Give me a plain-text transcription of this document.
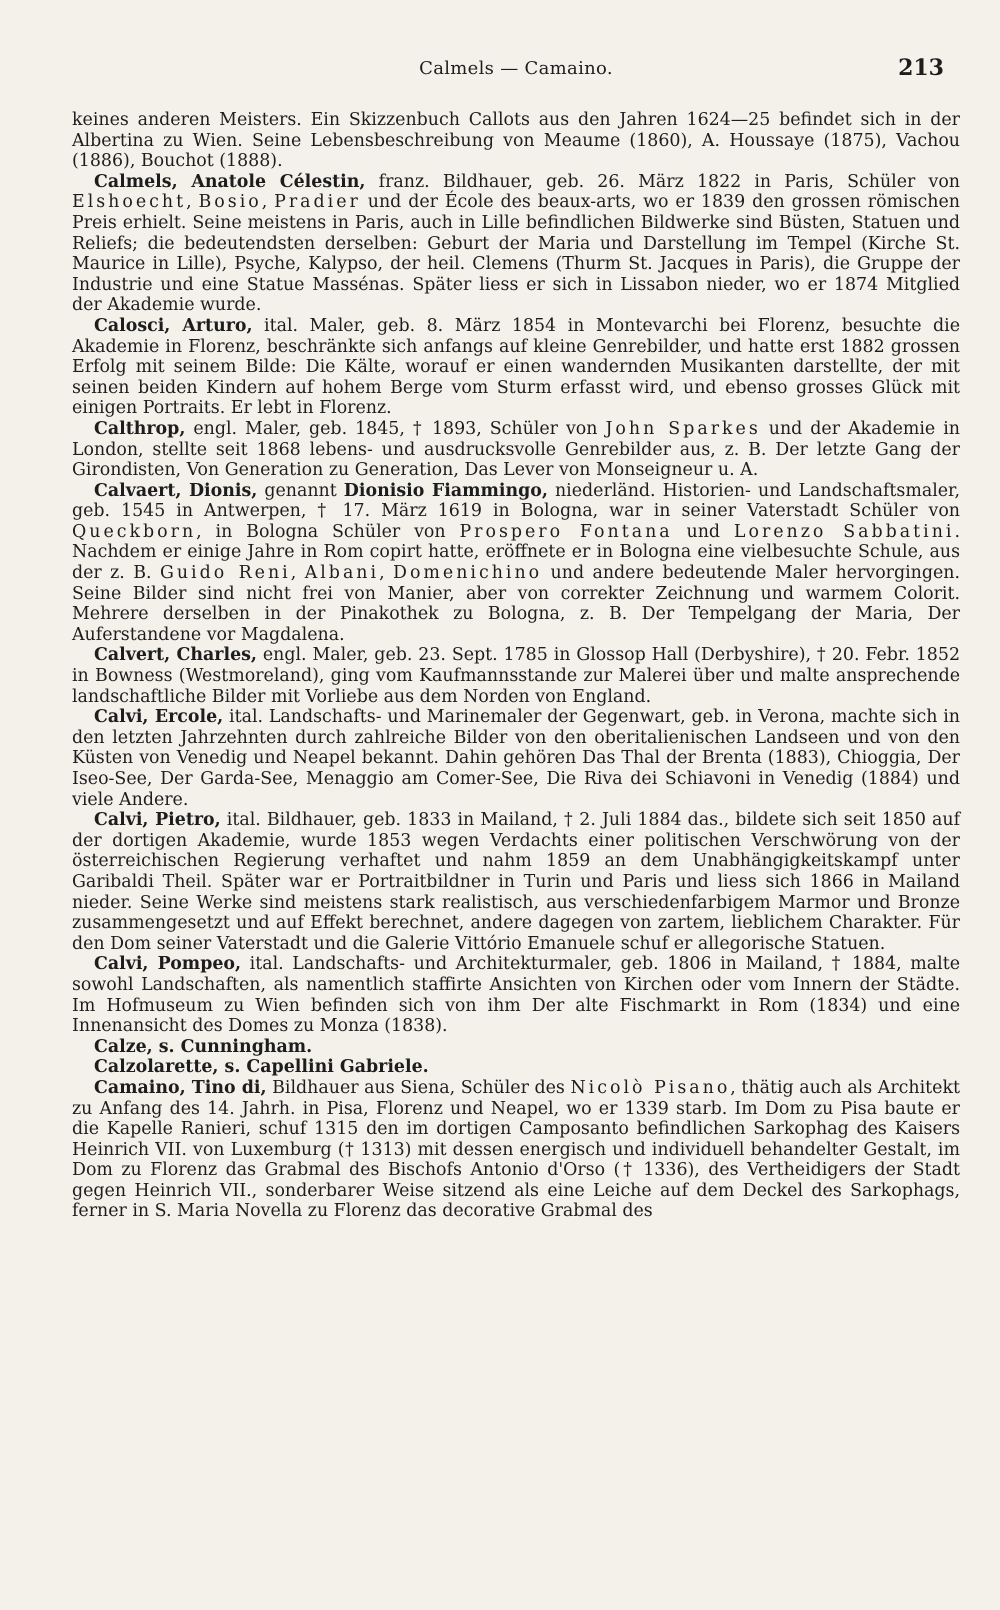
Calmels — Camaino.	213

keines anderen Meisters. Ein Skizzenbuch Callots aus den Jahren 1624—25 befindet sich in der Albertina zu Wien. Seine Lebensbeschreibung von Meaume (1860), A. Houssaye (1875), Vachou (1886), Bouchot (1888).

Calmels, Anatole Célestin, franz. Bildhauer, geb. 26. März 1822 in Paris, Schüler von Elshoecht, Bosio, Pradier und der École des beaux-arts, wo er 1839 den grossen römischen Preis erhielt. Seine meistens in Paris, auch in Lille befindlichen Bildwerke sind Büsten, Statuen und Reliefs; die bedeutendsten derselben: Geburt der Maria und Darstellung im Tempel (Kirche St. Maurice in Lille), Psyche, Kalypso, der heil. Clemens (Thurm St. Jacques in Paris), die Gruppe der Industrie und eine Statue Massénas. Später liess er sich in Lissabon nieder, wo er 1874 Mitglied der Akademie wurde.

Calosci, Arturo, ital. Maler, geb. 8. März 1854 in Montevarchi bei Florenz, besuchte die Akademie in Florenz, beschränkte sich anfangs auf kleine Genrebilder, und hatte erst 1882 grossen Erfolg mit seinem Bilde: Die Kälte, worauf er einen wandernden Musikanten darstellte, der mit seinen beiden Kindern auf hohem Berge vom Sturm erfasst wird, und ebenso grosses Glück mit einigen Portraits. Er lebt in Florenz.

Calthrop, engl. Maler, geb. 1845, † 1893, Schüler von John Sparkes und der Akademie in London, stellte seit 1868 lebens- und ausdrucksvolle Genrebilder aus, z. B. Der letzte Gang der Girondisten, Von Generation zu Generation, Das Lever von Monseigneur u. A.

Calvaert, Dionis, genannt Dionisio Fiammingo, niederländ. Historien- und Landschaftsmaler, geb. 1545 in Antwerpen, † 17. März 1619 in Bologna, war in seiner Vaterstadt Schüler von Queckborn, in Bologna Schüler von Prospero Fontana und Lorenzo Sabbatini. Nachdem er einige Jahre in Rom copirt hatte, eröffnete er in Bologna eine vielbesuchte Schule, aus der z. B. Guido Reni, Albani, Domenichino und andere bedeutende Maler hervorgingen. Seine Bilder sind nicht frei von Manier, aber von correkter Zeichnung und warmem Colorit. Mehrere derselben in der Pinakothek zu Bologna, z. B. Der Tempelgang der Maria, Der Auferstandene vor Magdalena.

Calvert, Charles, engl. Maler, geb. 23. Sept. 1785 in Glossop Hall (Derbyshire), † 20. Febr. 1852 in Bowness (Westmoreland), ging vom Kaufmannsstande zur Malerei über und malte ansprechende landschaftliche Bilder mit Vorliebe aus dem Norden von England.

Calvi, Ercole, ital. Landschafts- und Marinemaler der Gegenwart, geb. in Verona, machte sich in den letzten Jahrzehnten durch zahlreiche Bilder von den oberitalienischen Landseen und von den Küsten von Venedig und Neapel bekannt. Dahin gehören Das Thal der Brenta (1883), Chioggia, Der Iseo-See, Der Garda-See, Menaggio am Comer-See, Die Riva dei Schiavoni in Venedig (1884) und viele Andere.

Calvi, Pietro, ital. Bildhauer, geb. 1833 in Mailand, † 2. Juli 1884 das., bildete sich seit 1850 auf der dortigen Akademie, wurde 1853 wegen Verdachts einer politischen Verschwörung von der österreichischen Regierung verhaftet und nahm 1859 an dem Unabhängigkeitskampf unter Garibaldi Theil. Später war er Portraitbildner in Turin und Paris und liess sich 1866 in Mailand nieder. Seine Werke sind meistens stark realistisch, aus verschiedenfarbigem Marmor und Bronze zusammengesetzt und auf Effekt berechnet, andere dagegen von zartem, lieblichem Charakter. Für den Dom seiner Vaterstadt und die Galerie Vittório Emanuele schuf er allegorische Statuen.

Calvi, Pompeo, ital. Landschafts- und Architekturmaler, geb. 1806 in Mailand, † 1884, malte sowohl Landschaften, als namentlich staffirte Ansichten von Kirchen oder vom Innern der Städte. Im Hofmuseum zu Wien befinden sich von ihm Der alte Fischmarkt in Rom (1834) und eine Innenansicht des Domes zu Monza (1838).

Calze, s. Cunningham.

Calzolarette, s. Capellini Gabriele.

Camaino, Tino di, Bildhauer aus Siena, Schüler des Nicolò Pisano, thätig auch als Architekt zu Anfang des 14. Jahrh. in Pisa, Florenz und Neapel, wo er 1339 starb. Im Dom zu Pisa baute er die Kapelle Ranieri, schuf 1315 den im dortigen Camposanto befindlichen Sarkophag des Kaisers Heinrich VII. von Luxemburg († 1313) mit dessen energisch und individuell behandelter Gestalt, im Dom zu Florenz das Grabmal des Bischofs Antonio d'Orso († 1336), des Vertheidigers der Stadt gegen Heinrich VII., sonderbarer Weise sitzend als eine Leiche auf dem Deckel des Sarkophags, ferner in S. Maria Novella zu Florenz das decorative Grabmal des
